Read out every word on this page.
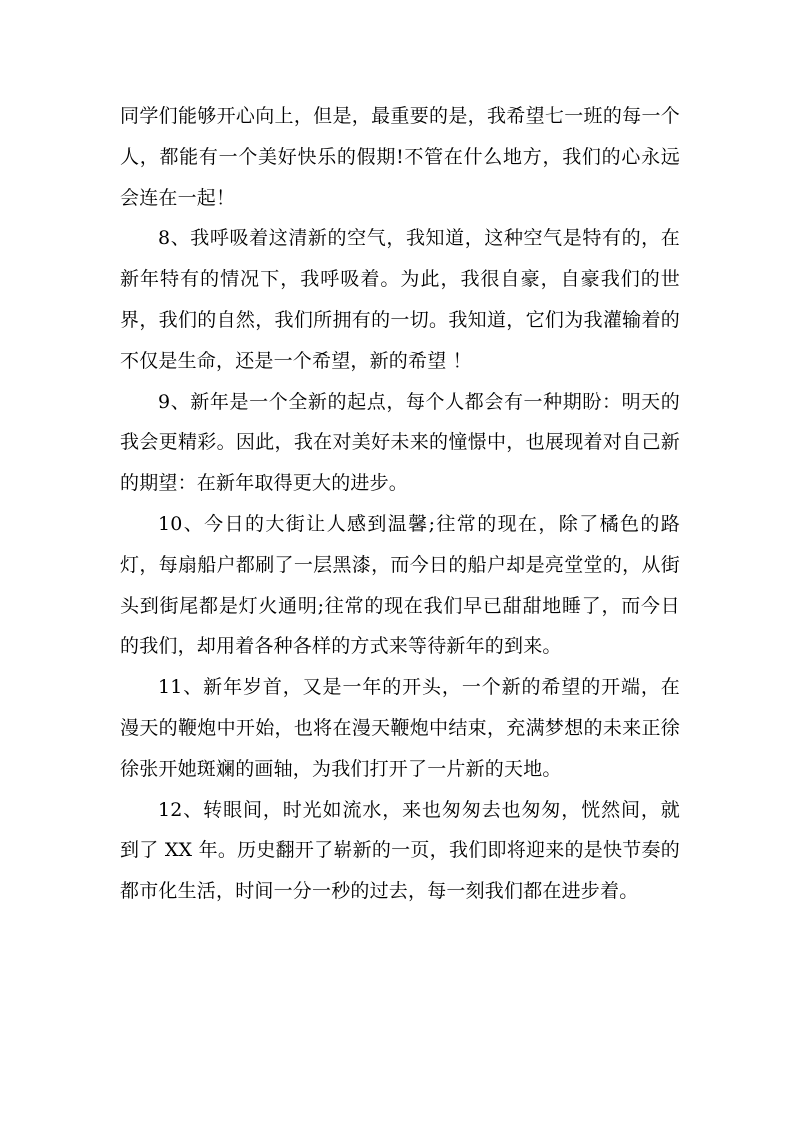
同学们能够开心向上，但是，最重要的是，我希望七一班的每一个人，都能有一个美好快乐的假期!不管在什么地方，我们的心永远会连在一起！

8、我呼吸着这清新的空气，我知道，这种空气是特有的，在新年特有的情况下，我呼吸着。为此，我很自豪，自豪我们的世界，我们的自然，我们所拥有的一切。我知道，它们为我灌输着的不仅是生命，还是一个希望，新的希望 ！

9、新年是一个全新的起点，每个人都会有一种期盼：明天的我会更精彩。因此，我在对美好未来的憧憬中，也展现着对自己新的期望：在新年取得更大的进步。

10、今日的大街让人感到温馨;往常的现在，除了橘色的路灯，每扇船户都刷了一层黑漆，而今日的船户却是亮堂堂的，从街头到街尾都是灯火通明;往常的现在我们早已甜甜地睡了，而今日的我们，却用着各种各样的方式来等待新年的到来。

11、新年岁首，又是一年的开头，一个新的希望的开端，在漫天的鞭炮中开始，也将在漫天鞭炮中结束，充满梦想的未来正徐徐张开她斑斓的画轴，为我们打开了一片新的天地。

12、转眼间，时光如流水，来也匆匆去也匆匆，恍然间，就到了 XX 年。历史翻开了崭新的一页，我们即将迎来的是快节奏的都市化生活，时间一分一秒的过去，每一刻我们都在进步着。
